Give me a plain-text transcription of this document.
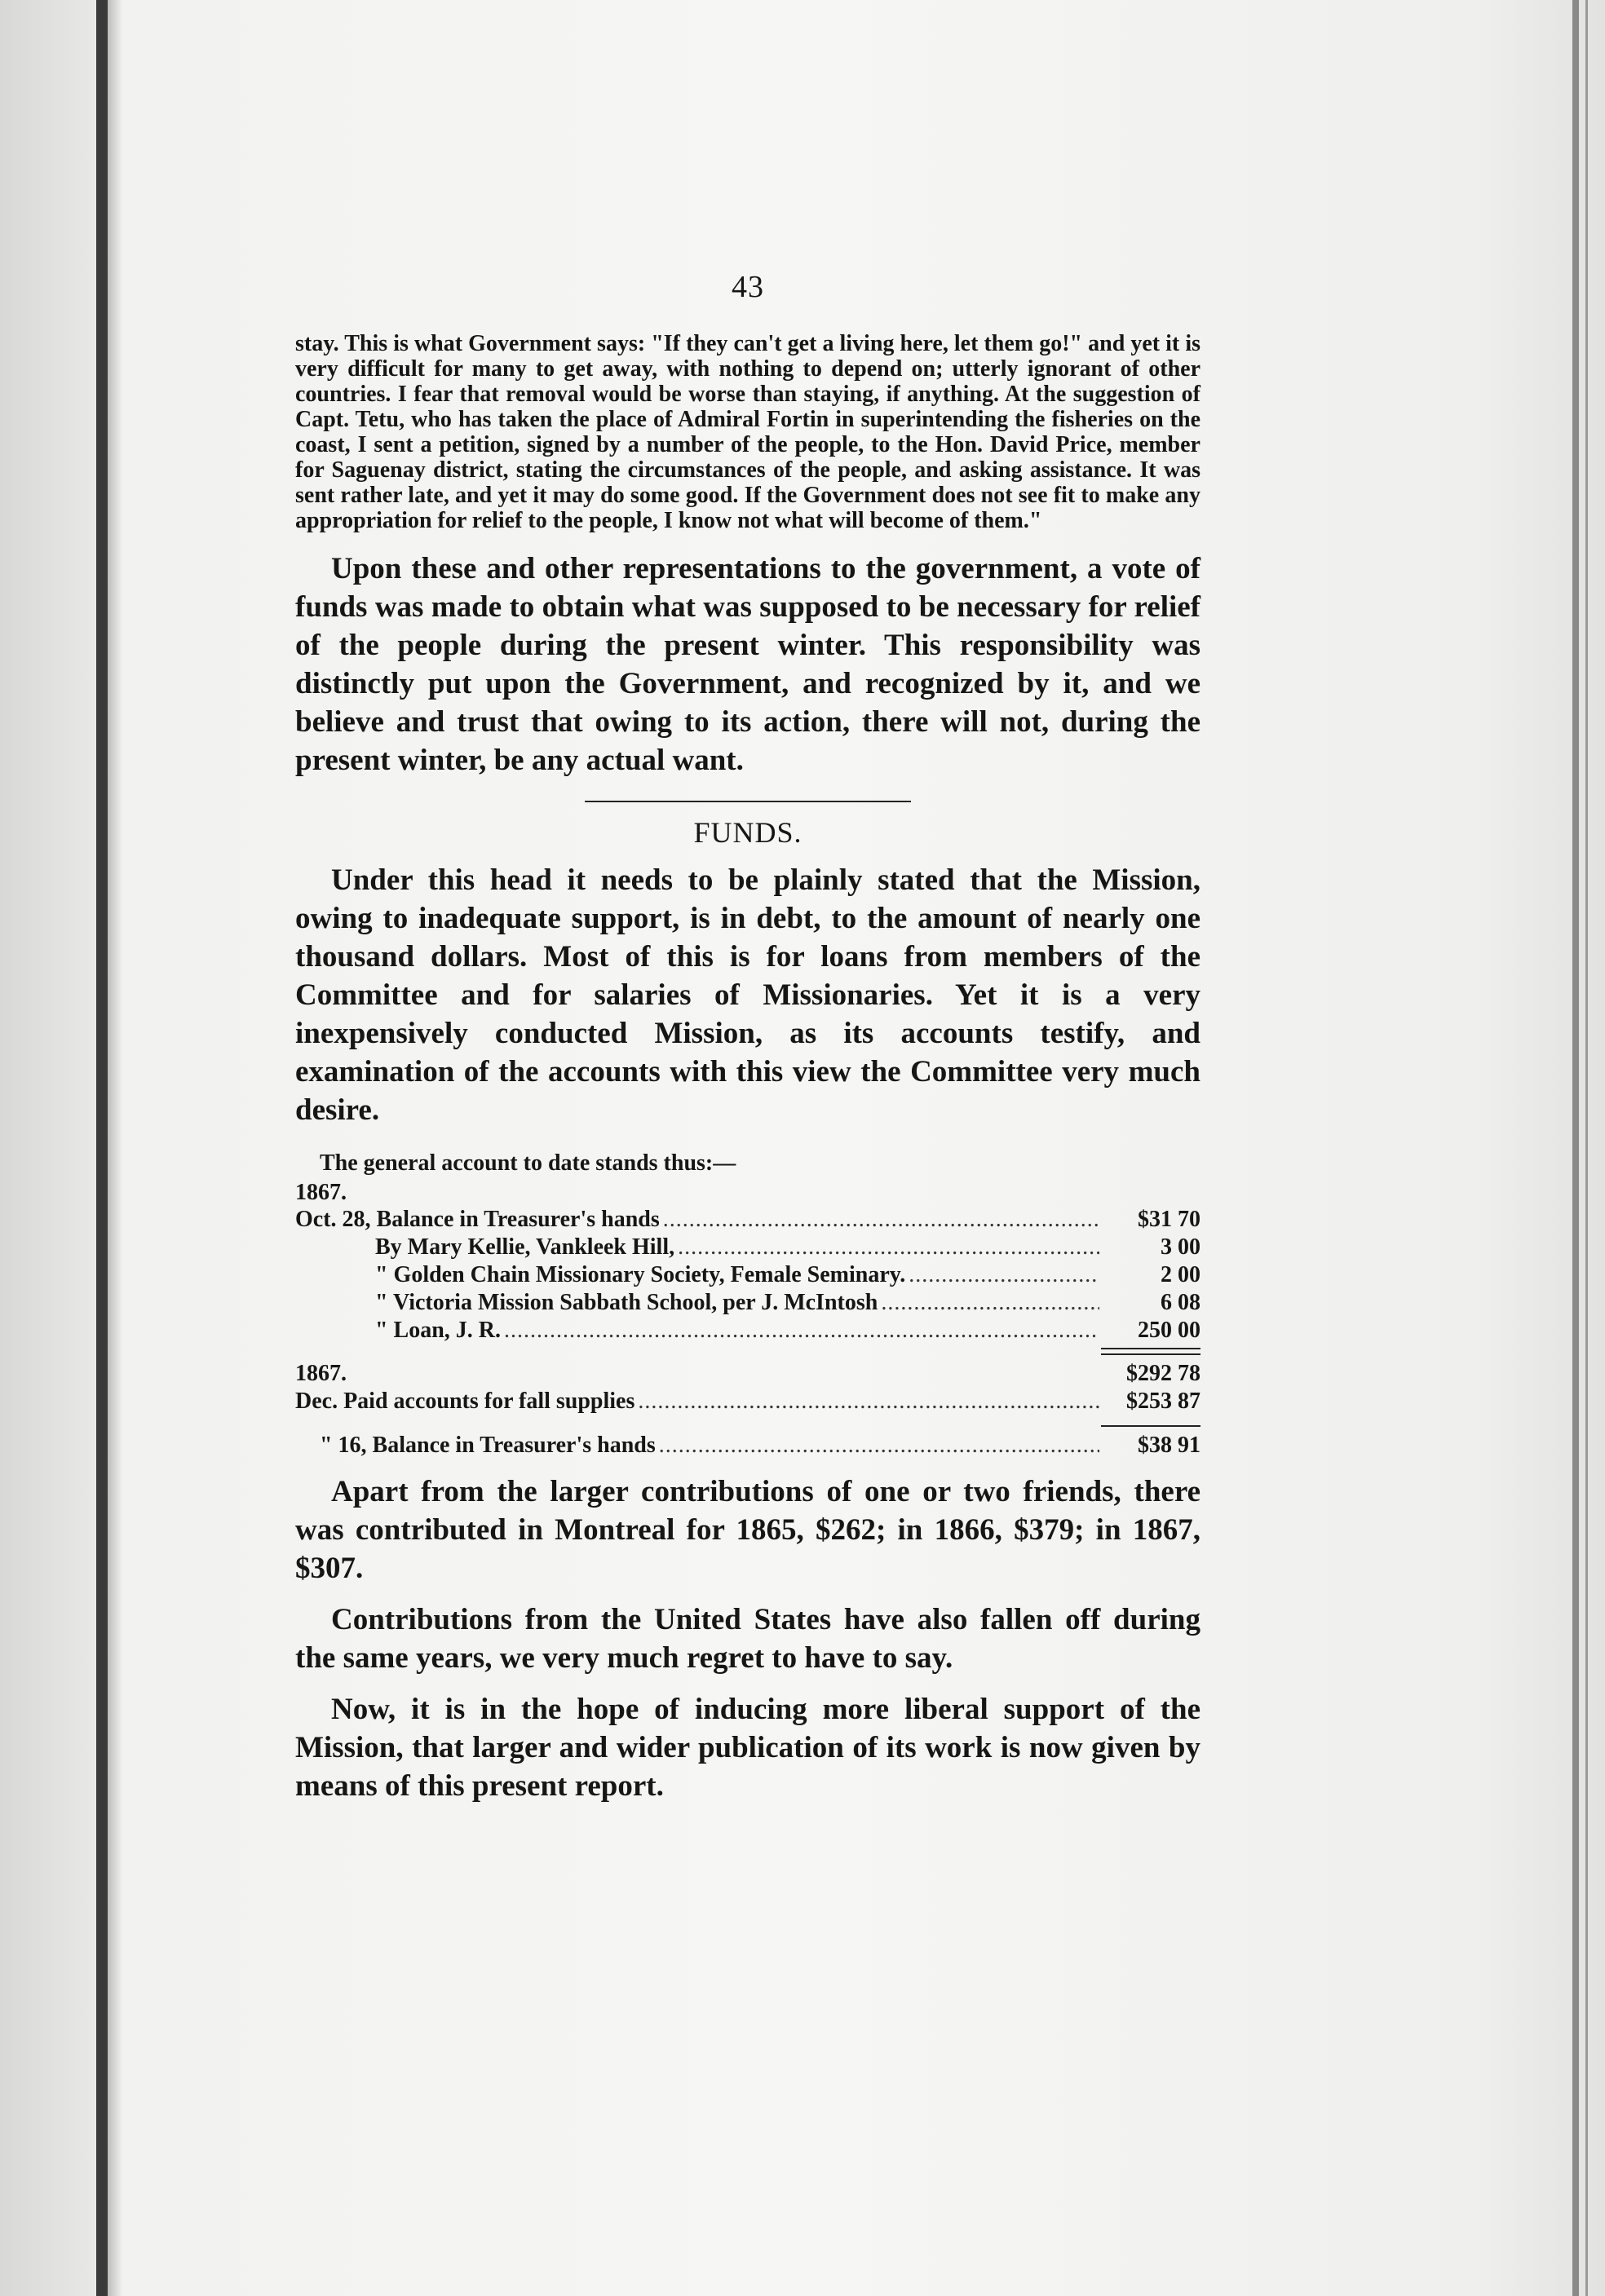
43

stay. This is what Government says: "If they can't get a living here, let them go!" and yet it is very difficult for many to get away, with nothing to depend on; utterly ignorant of other countries. I fear that removal would be worse than staying, if anything. At the suggestion of Capt. Tetu, who has taken the place of Admiral Fortin in superintending the fisheries on the coast, I sent a petition, signed by a number of the people, to the Hon. David Price, member for Saguenay district, stating the circumstances of the people, and asking assistance. It was sent rather late, and yet it may do some good. If the Government does not see fit to make any appropriation for relief to the people, I know not what will become of them."

Upon these and other representations to the government, a vote of funds was made to obtain what was supposed to be necessary for relief of the people during the present winter. This responsibility was distinctly put upon the Government, and recognized by it, and we believe and trust that owing to its action, there will not, during the present winter, be any actual want.

FUNDS.

Under this head it needs to be plainly stated that the Mission, owing to inadequate support, is in debt, to the amount of nearly one thousand dollars. Most of this is for loans from members of the Committee and for salaries of Missionaries. Yet it is a very inexpensively conducted Mission, as its accounts testify, and examination of the accounts with this view the Committee very much desire.

The general account to date stands thus:—
1867.
Oct. 28, Balance in Treasurer's hands .....	$31 70
By Mary Kellie, Vankleek Hill, .....	3 00
" Golden Chain Missionary Society, Female Seminary. .....	2 00
" Victoria Mission Sabbath School, per J. McIntosh .....	6 08
" Loan, J. R. .....	250 00
1867.	$292 78
Dec. Paid accounts for fall supplies .....	$253 87
" 16, Balance in Treasurer's hands .....	$38 91

Apart from the larger contributions of one or two friends, there was contributed in Montreal for 1865, $262; in 1866, $379; in 1867, $307.

Contributions from the United States have also fallen off during the same years, we very much regret to have to say.

Now, it is in the hope of inducing more liberal support of the Mission, that larger and wider publication of its work is now given by means of this present report.
